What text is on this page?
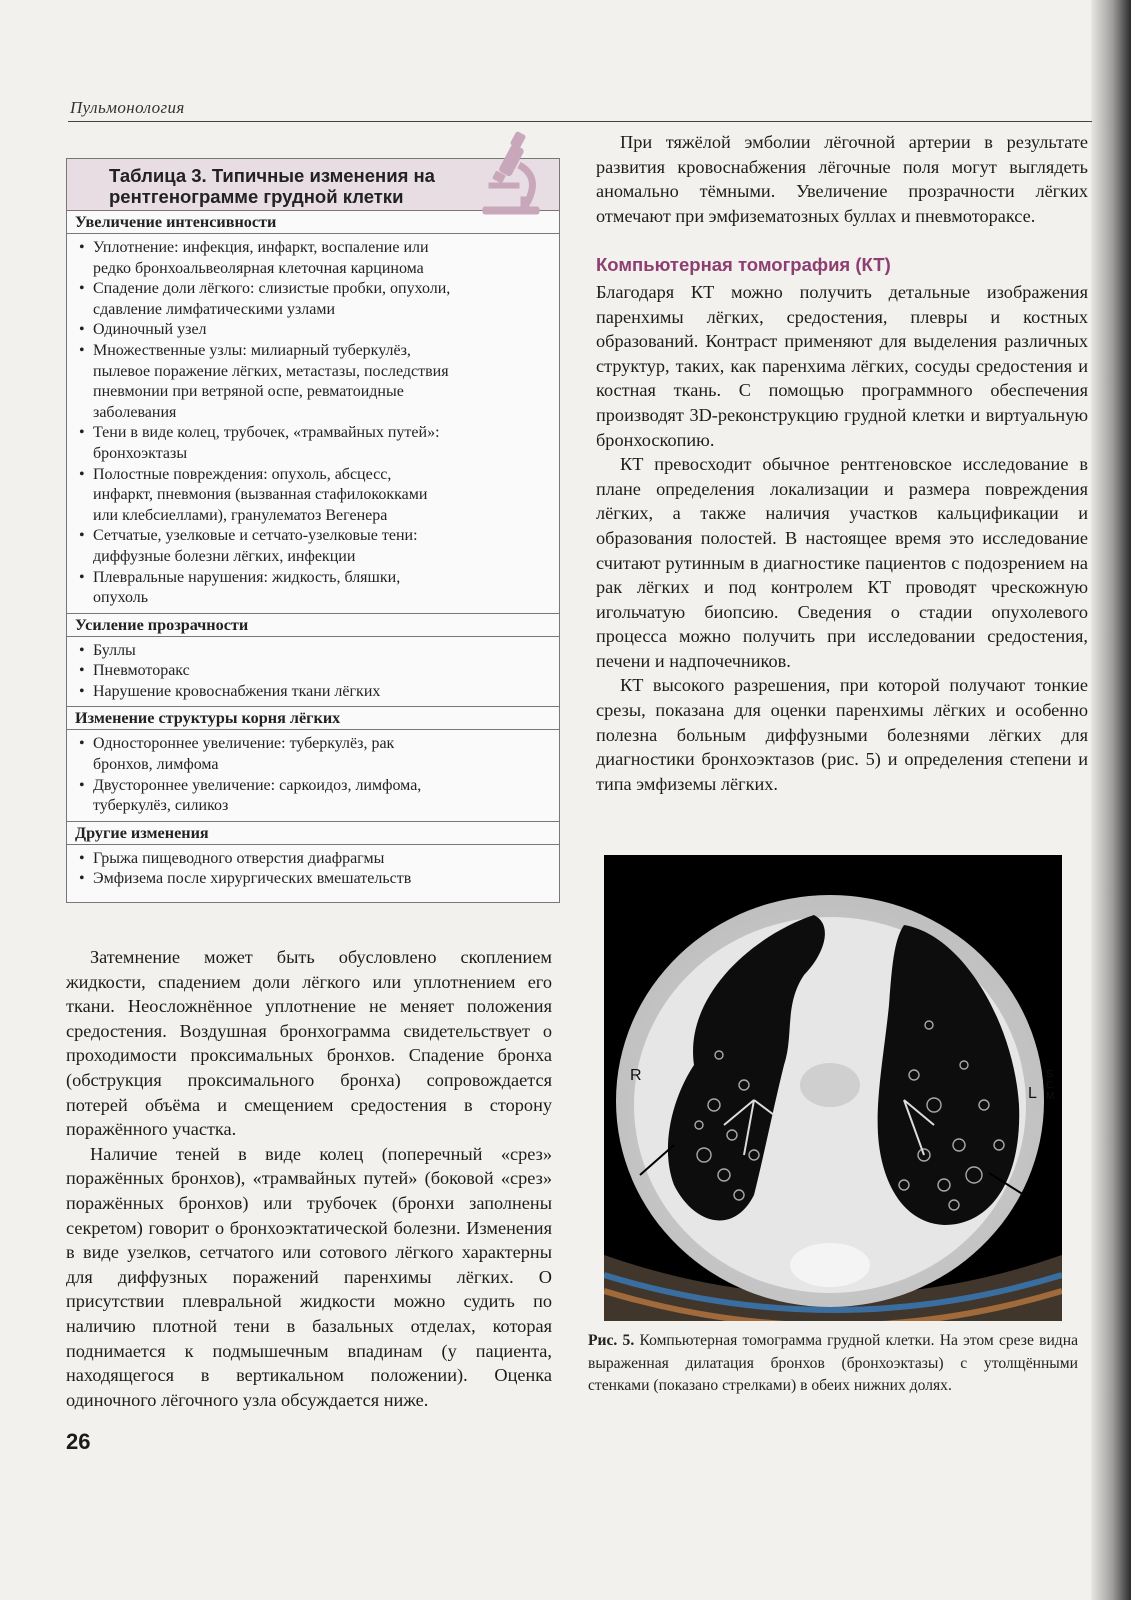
Пульмонология
Таблица 3. Типичные изменения на
рентгенограмме грудной клетки
Увеличение интенсивности
• Уплотнение: инфекция, инфаркт, воспаление или
редко бронхоальвеолярная клеточная карцинома
• Спадение доли лёгкого: слизистые пробки, опухоли,
сдавление лимфатическими узлами
• Одиночный узел
• Множественные узлы: милиарный туберкулёз,
пылевое поражение лёгких, метастазы, последствия
пневмонии при ветряной оспе, ревматоидные
заболевания
• Тени в виде колец, трубочек, «трамвайных путей»:
бронхоэктазы
• Полостные повреждения: опухоль, абсцесс,
инфаркт, пневмония (вызванная стафилококками
или клебсиеллами), гранулематоз Вегенера
• Сетчатые, узелковые и сетчато-узелковые тени:
диффузные болезни лёгких, инфекции
• Плевральные нарушения: жидкость, бляшки,
опухоль
Усиление прозрачности
• Буллы
• Пневмоторакс
• Нарушение кровоснабжения ткани лёгких
Изменение структуры корня лёгких
• Одностороннее увеличение: туберкулёз, рак
бронхов, лимфома
• Двустороннее увеличение: саркоидоз, лимфома,
туберкулёз, силикоз
Другие изменения
• Грыжа пищеводного отверстия диафрагмы
• Эмфизема после хирургических вмешательств

Затемнение может быть обусловлено скоплением жидкости, спадением доли лёгкого или уплотнением его ткани. Неосложнённое уплотнение не меняет положения средостения. Воздушная бронхограмма свидетельствует о проходимости проксимальных бронхов. Спадение бронха (обструкция проксимального бронха) сопровождается потерей объёма и смещением средостения в сторону поражённого участка.

Наличие теней в виде колец (поперечный «срез» поражённых бронхов), «трамвайных путей» (боковой «срез» поражённых бронхов) или трубочек (бронхи заполнены секретом) говорит о бронхоэктатической болезни. Изменения в виде узелков, сетчатого или сотового лёгкого характерны для диффузных поражений паренхимы лёгких. О присутствии плевральной жидкости можно судить по наличию плотной тени в базальных отделах, которая поднимается к подмышечным впадинам (у пациента, находящегося в вертикальном положении). Оценка одиночного лёгочного узла обсуждается ниже.

26

При тяжёлой эмболии лёгочной артерии в результате развития кровоснабжения лёгочные поля могут выглядеть аномально тёмными. Увеличение прозрачности лёгких отмечают при эмфизематозных буллах и пневмотораксе.

Компьютерная томография (КТ)

Благодаря КТ можно получить детальные изображения паренхимы лёгких, средостения, плевры и костных образований. Контраст применяют для выделения различных структур, таких, как паренхима лёгких, сосуды средостения и костная ткань. С помощью программного обеспечения производят 3D-реконструкцию грудной клетки и виртуальную бронхоскопию.

КТ превосходит обычное рентгеновское исследование в плане определения локализации и размера повреждения лёгких, а также наличия участков кальцификации и образования полостей. В настоящее время это исследование считают рутинным в диагностике пациентов с подозрением на рак лёгких и под контролем КТ проводят чрескожную игольчатую биопсию. Сведения о стадии опухолевого процесса можно получить при исследовании средостения, печени и надпочечников.

КТ высокого разрешения, при которой получают тонкие срезы, показана для оценки паренхимы лёгких и особенно полезна больным диффузными болезнями лёгких для диагностики бронхоэктазов (рис. 5) и определения степени и типа эмфиземы лёгких.

R
L
S.
C.
M.
Рис. 5. Компьютерная томограмма грудной клетки. На этом срезе видна выраженная дилатация бронхов (бронхоэктазы) с утолщёнными стенками (показано стрелками) в обеих нижних долях.
